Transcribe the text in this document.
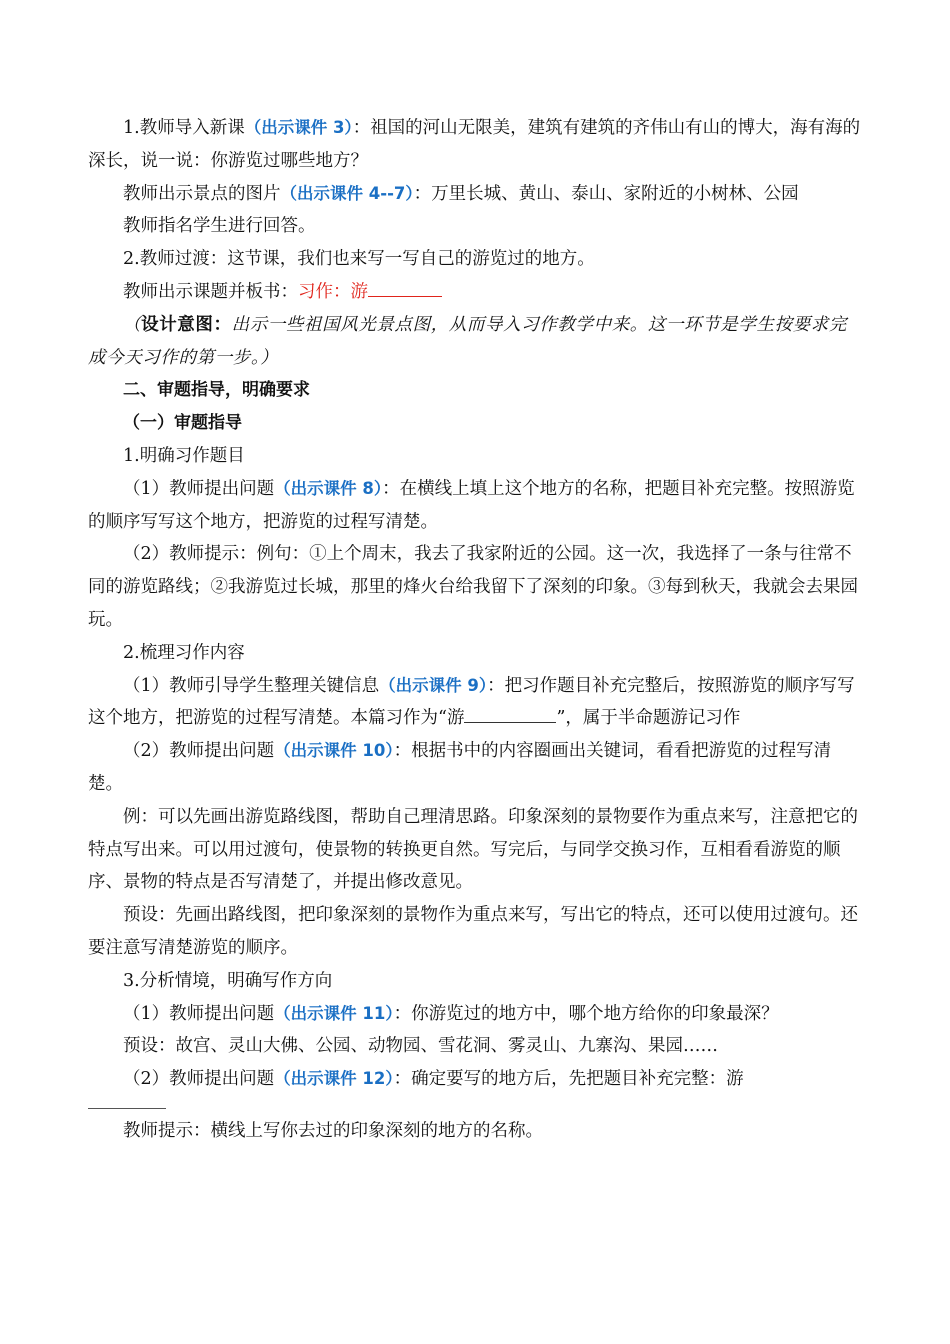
1.教师导入新课（出示课件 3）：祖国的河山无限美，建筑有建筑的齐伟山有山的博大，海有海的深长，说一说：你游览过哪些地方？

教师出示景点的图片（出示课件 4--7）：万里长城、黄山、泰山、家附近的小树林、公园

教师指名学生进行回答。

2.教师过渡：这节课，我们也来写一写自己的游览过的地方。

教师出示课题并板书：习作：游

（设计意图：出示一些祖国风光景点图，从而导入习作教学中来。这一环节是学生按要求完成今天习作的第一步。）

二、审题指导，明确要求

（一）审题指导

1.明确习作题目

（1）教师提出问题（出示课件 8）：在横线上填上这个地方的名称，把题目补充完整。按照游览的顺序写写这个地方，把游览的过程写清楚。

（2）教师提示：例句：①上个周末，我去了我家附近的公园。这一次，我选择了一条与往常不同的游览路线；②我游览过长城，那里的烽火台给我留下了深刻的印象。③每到秋天，我就会去果园玩。

2.梳理习作内容

（1）教师引导学生整理关键信息（出示课件 9）：把习作题目补充完整后，按照游览的顺序写写这个地方，把游览的过程写清楚。本篇习作为“游	”，属于半命题游记习作

（2）教师提出问题（出示课件 10）：根据书中的内容圈画出关键词，看看把游览的过程写清楚。

例：可以先画出游览路线图，帮助自己理清思路。印象深刻的景物要作为重点来写，注意把它的特点写出来。可以用过渡句，使景物的转换更自然。写完后，与同学交换习作，互相看看游览的顺序、景物的特点是否写清楚了，并提出修改意见。

预设：先画出路线图，把印象深刻的景物作为重点来写，写出它的特点，还可以使用过渡句。还要注意写清楚游览的顺序。

3.分析情境，明确写作方向

（1）教师提出问题（出示课件 11）：你游览过的地方中，哪个地方给你的印象最深？

预设：故宫、灵山大佛、公园、动物园、雪花洞、雾灵山、九寨沟、果园……

（2）教师提出问题（出示课件 12）：确定要写的地方后，先把题目补充完整：游

教师提示：横线上写你去过的印象深刻的地方的名称。
